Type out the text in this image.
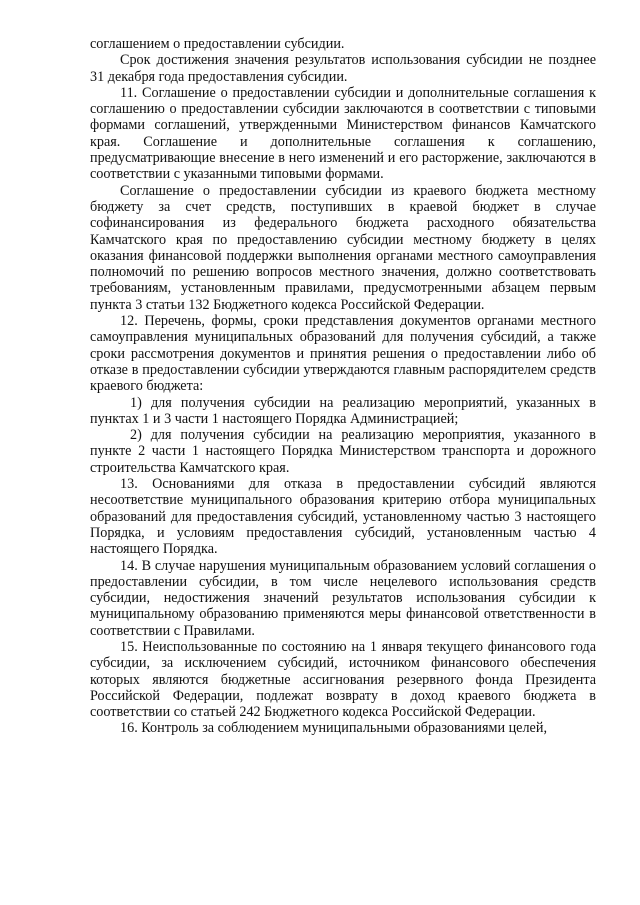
соглашением о предоставлении субсидии.

Срок достижения значения результатов использования субсидии не позднее 31 декабря года предоставления субсидии.

11. Соглашение о предоставлении субсидии и дополнительные соглашения к соглашению о предоставлении субсидии заключаются в соответствии с типовыми формами соглашений, утвержденными Министерством финансов Камчатского края. Соглашение и дополнительные соглашения к соглашению, предусматривающие внесение в него изменений и его расторжение, заключаются в соответствии с указанными типовыми формами.

Соглашение о предоставлении субсидии из краевого бюджета местному бюджету за счет средств, поступивших в краевой бюджет в случае софинансирования из федерального бюджета расходного обязательства Камчатского края по предоставлению субсидии местному бюджету в целях оказания финансовой поддержки выполнения органами местного самоуправления полномочий по решению вопросов местного значения, должно соответствовать требованиям, установленным правилами, предусмотренными абзацем первым пункта 3 статьи 132 Бюджетного кодекса Российской Федерации.

12. Перечень, формы, сроки представления документов органами местного самоуправления муниципальных образований для получения субсидий, а также сроки рассмотрения документов и принятия решения о предоставлении либо об отказе в предоставлении субсидии утверждаются главным распорядителем средств краевого бюджета:

1) для получения субсидии на реализацию мероприятий, указанных в пунктах 1 и 3 части 1 настоящего Порядка Администрацией;

2) для получения субсидии на реализацию мероприятия, указанного в пункте 2 части 1 настоящего Порядка Министерством транспорта и дорожного строительства Камчатского края.

13. Основаниями для отказа в предоставлении субсидий являются несоответствие муниципального образования критерию отбора муниципальных образований для предоставления субсидий, установленному частью 3 настоящего Порядка, и условиям предоставления субсидий, установленным частью 4 настоящего Порядка.

14. В случае нарушения муниципальным образованием условий соглашения о предоставлении субсидии, в том числе нецелевого использования средств субсидии, недостижения значений результатов использования субсидии к муниципальному образованию применяются меры финансовой ответственности в соответствии с Правилами.

15. Неиспользованные по состоянию на 1 января текущего финансового года субсидии, за исключением субсидий, источником финансового обеспечения которых являются бюджетные ассигнования резервного фонда Президента Российской Федерации, подлежат возврату в доход краевого бюджета в соответствии со статьей 242 Бюджетного кодекса Российской Федерации.

16. Контроль за соблюдением муниципальными образованиями целей,
